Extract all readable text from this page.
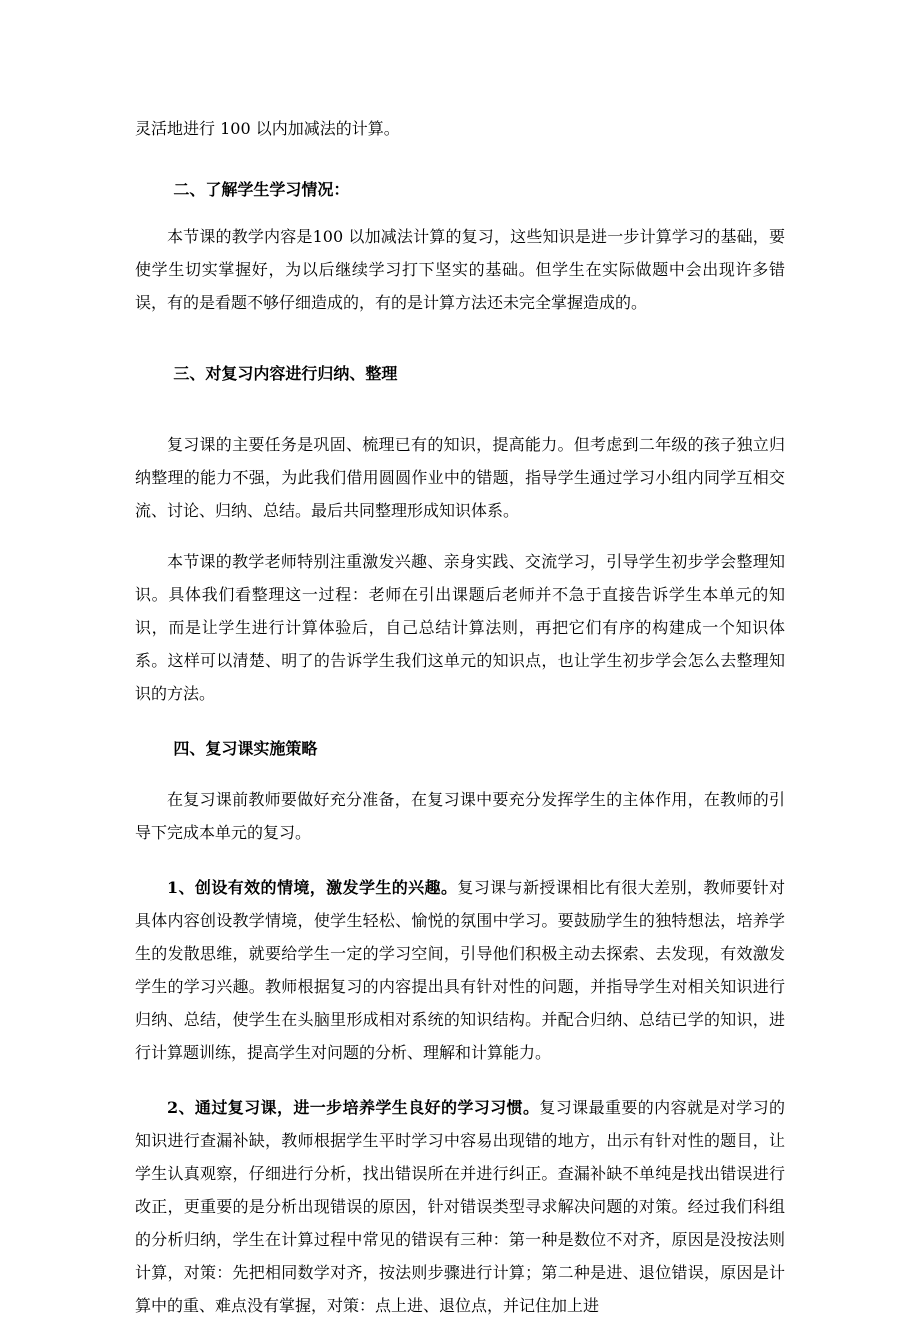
灵活地进行 100 以内加减法的计算。

二、了解学生学习情况：

本节课的教学内容是100 以加减法计算的复习，这些知识是进一步计算学习的基础，要使学生切实掌握好，为以后继续学习打下坚实的基础。但学生在实际做题中会出现许多错误，有的是看题不够仔细造成的，有的是计算方法还未完全掌握造成的。

三、对复习内容进行归纳、整理

复习课的主要任务是巩固、梳理已有的知识，提高能力。但考虑到二年级的孩子独立归纳整理的能力不强，为此我们借用圆圆作业中的错题，指导学生通过学习小组内同学互相交流、讨论、归纳、总结。最后共同整理形成知识体系。

本节课的教学老师特别注重激发兴趣、亲身实践、交流学习，引导学生初步学会整理知识。具体我们看整理这一过程：老师在引出课题后老师并不急于直接告诉学生本单元的知识，而是让学生进行计算体验后，自己总结计算法则，再把它们有序的构建成一个知识体系。这样可以清楚、明了的告诉学生我们这单元的知识点，也让学生初步学会怎么去整理知识的方法。

四、复习课实施策略

在复习课前教师要做好充分准备，在复习课中要充分发挥学生的主体作用，在教师的引导下完成本单元的复习。

1、创设有效的情境，激发学生的兴趣。复习课与新授课相比有很大差别，教师要针对具体内容创设教学情境，使学生轻松、愉悦的氛围中学习。要鼓励学生的独特想法，培养学生的发散思维，就要给学生一定的学习空间，引导他们积极主动去探索、去发现，有效激发学生的学习兴趣。教师根据复习的内容提出具有针对性的问题，并指导学生对相关知识进行归纳、总结，使学生在头脑里形成相对系统的知识结构。并配合归纳、总结已学的知识，进行计算题训练，提高学生对问题的分析、理解和计算能力。

2、通过复习课，进一步培养学生良好的学习习惯。复习课最重要的内容就是对学习的知识进行查漏补缺，教师根据学生平时学习中容易出现错的地方，出示有针对性的题目，让学生认真观察，仔细进行分析，找出错误所在并进行纠正。查漏补缺不单纯是找出错误进行改正，更重要的是分析出现错误的原因，针对错误类型寻求解决问题的对策。经过我们科组的分析归纳，学生在计算过程中常见的错误有三种：第一种是数位不对齐，原因是没按法则计算，对策：先把相同数学对齐，按法则步骤进行计算；第二种是进、退位错误，原因是计算中的重、难点没有掌握，对策：点上进、退位点，并记住加上进
